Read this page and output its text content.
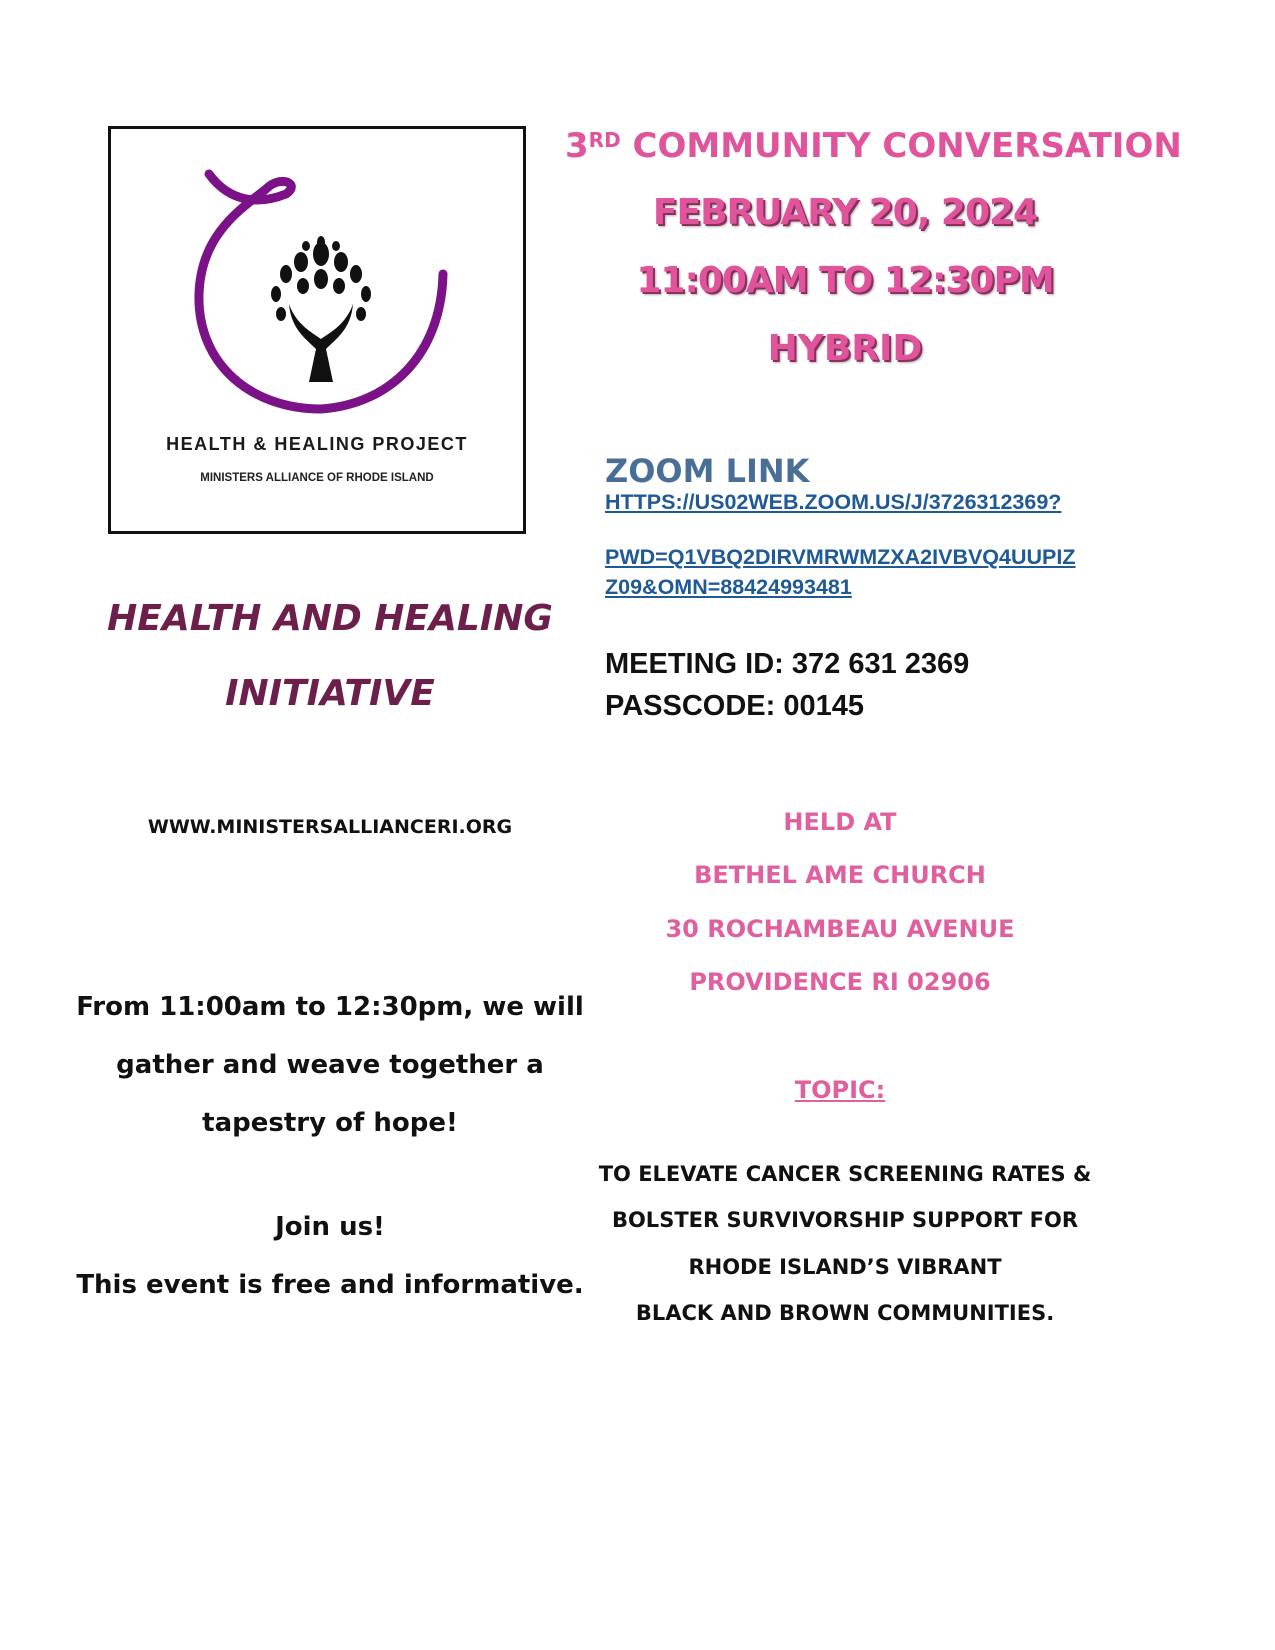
HEALTH & HEALING PROJECT
MINISTERS ALLIANCE OF RHODE ISLAND
HEALTH AND HEALING
INITIATIVE
WWW.MINISTERSALLIANCERI.ORG
From 11:00am to 12:30pm, we will
gather and weave together a
tapestry of hope!
Join us!
This event is free and informative.
3RD COMMUNITY CONVERSATION
FEBRUARY 20, 2024
11:00AM TO 12:30PM
HYBRID
ZOOM LINK
HTTPS://US02WEB.ZOOM.US/J/3726312369?
PWD=Q1VBQ2DIRVMRWMZXA2IVBVQ4UUPIZ
Z09&OMN=88424993481
MEETING ID: 372 631 2369
PASSCODE: 00145
HELD AT
BETHEL AME CHURCH
30 ROCHAMBEAU AVENUE
PROVIDENCE RI 02906
TOPIC:
TO ELEVATE CANCER SCREENING RATES &
BOLSTER SURVIVORSHIP SUPPORT FOR
RHODE ISLAND’S VIBRANT
BLACK AND BROWN COMMUNITIES.
